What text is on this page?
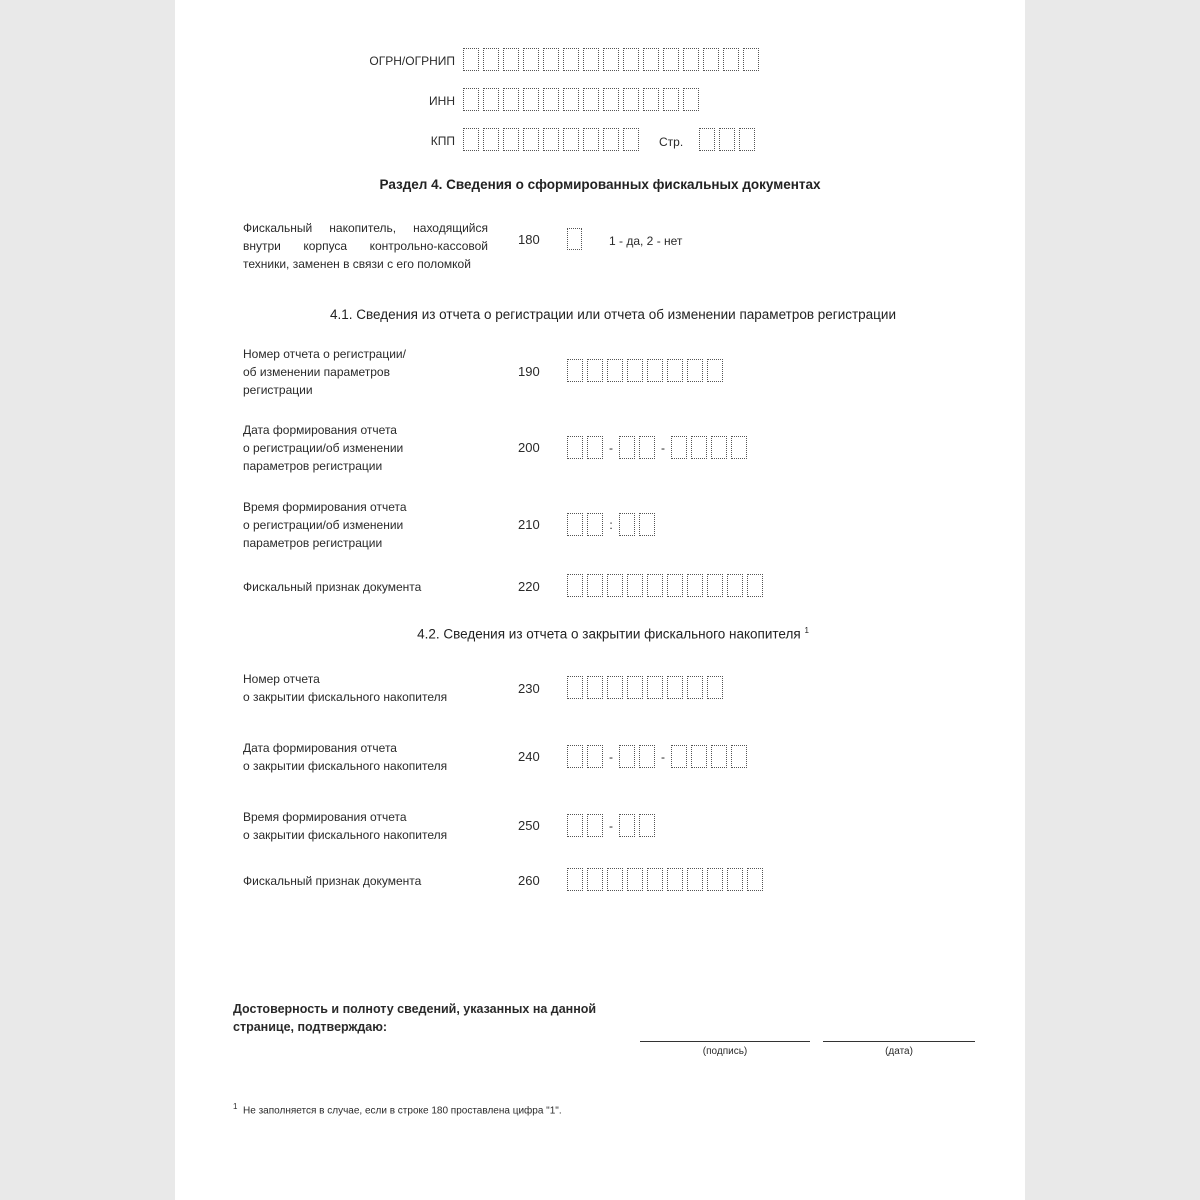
ОГРН/ОГРНИП
ИНН
КПП	Стр.
Раздел 4. Сведения о сформированных фискальных документах
Фискальный накопитель, находящийся
внутри корпуса контрольно-кассовой
техники, заменен в связи с его поломкой
180	1 - да, 2 - нет
4.1. Сведения из отчета о регистрации или отчета об изменении параметров регистрации
Номер отчета о регистрации/
об изменении параметров
регистрации
190
Дата формирования отчета
о регистрации/об изменении
параметров регистрации
200	-	-
Время формирования отчета
о регистрации/об изменении
параметров регистрации
210	:
Фискальный признак документа	220
4.2. Сведения из отчета о закрытии фискального накопителя $^1$
Номер отчета
о закрытии фискального накопителя
230
Дата формирования отчета
о закрытии фискального накопителя
240	-	-
Время формирования отчета
о закрытии фискального накопителя
250	-
Фискальный признак документа	260
Достоверность и полноту сведений, указанных на данной
странице, подтверждаю:
(подпись)	(дата)
$^1$ Не заполняется в случае, если в строке 180 проставлена цифра "1".
